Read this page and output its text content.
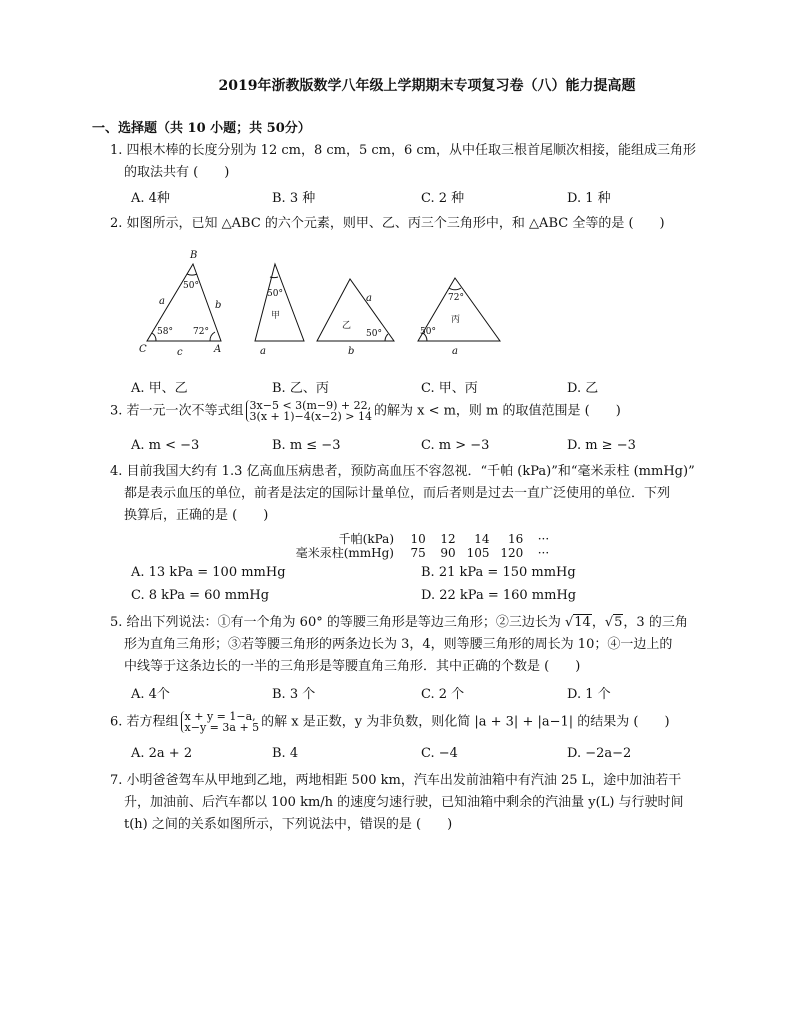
2019年浙教版数学八年级上学期期末专项复习卷（八）能力提高题
一、选择题（共 10 小题；共 50分）
1. 四根木棒的长度分别为 12 cm，8 cm，5 cm，6 cm，从中任取三根首尾顺次相接，能组成三角形
的取法共有 (　　)
A. 4种	B. 3 种	C. 2 种	D. 1 种
2. 如图所示，已知 △ABC 的六个元素，则甲、乙、丙三个三角形中，和 △ABC 全等的是 (　　)
B
C	A
a	b
c	a
a
b	a
50°
58° 72°
50°
甲
乙
50°
72°
丙
50°
A. 甲、乙	B. 乙、丙	C. 甲、丙	D. 乙
3. 若一元一次不等式组 3x−5 < 3(m−9) + 22,
3(x + 1)−4(x−2) > 14 的解为 x < m，则 m 的取值范围是 (　　)
A. m < −3	B. m ≤ −3	C. m > −3	D. m ≥ −3
4. 目前我国大约有 1.3 亿高血压病患者，预防高血压不容忽视．“千帕 (kPa)”和“毫米汞柱 (mmHg)”
都是表示血压的单位，前者是法定的国际计量单位，而后者则是过去一直广泛使用的单位．下列
换算后，正确的是 (　　)
千帕(kPa) 10 12 14 16 ···
毫米汞柱(mmHg) 75 90 105 120 ···
A. 13 kPa = 100 mmHg	B. 21 kPa = 150 mmHg
C. 8 kPa = 60 mmHg	D. 22 kPa = 160 mmHg
5. 给出下列说法：①有一个角为 60° 的等腰三角形是等边三角形；②三边长为 √14，√5，3 的三角
形为直角三角形；③若等腰三角形的两条边长为 3，4，则等腰三角形的周长为 10；④一边上的
中线等于这条边长的一半的三角形是等腰直角三角形．其中正确的个数是 (　　)
A. 4个	B. 3 个	C. 2 个	D. 1 个
6. 若方程组 x + y = 1−a,
x−y = 3a + 5 的解 x 是正数，y 为非负数，则化简 |a + 3| + |a−1| 的结果为 (　　)
A. 2a + 2	B. 4	C. −4	D. −2a−2
7. 小明爸爸驾车从甲地到乙地，两地相距 500 km，汽车出发前油箱中有汽油 25 L，途中加油若干
升，加油前、后汽车都以 100 km/h 的速度匀速行驶，已知油箱中剩余的汽油量 y(L) 与行驶时间
t(h) 之间的关系如图所示，下列说法中，错误的是 (　　)
